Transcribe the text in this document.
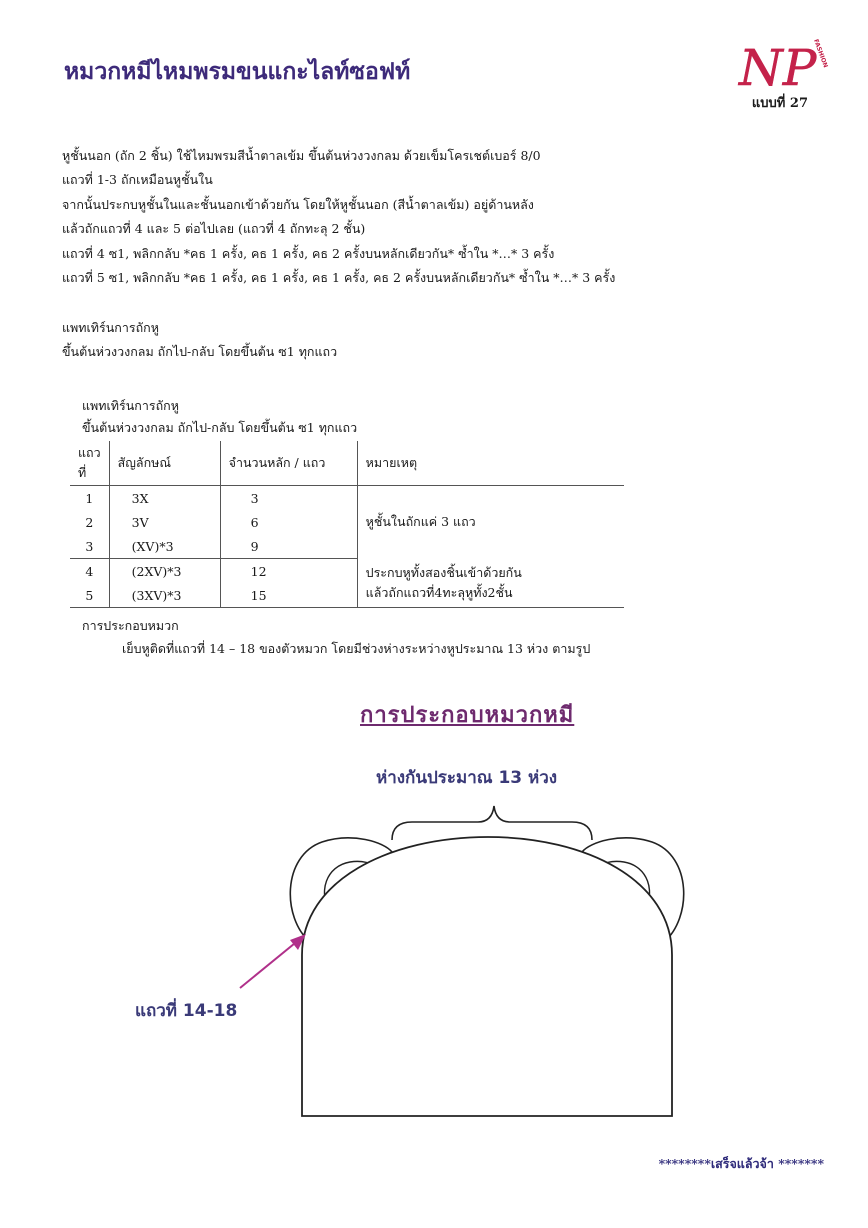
หมวกหมีไหมพรมขนแกะไลท์ซอฟท์	NP
FASHION
แบบที่ 27
หูชั้นนอก (ถัก 2 ชิ้น) ใช้ไหมพรมสีน้ำตาลเข้ม ขึ้นต้นห่วงวงกลม ด้วยเข็มโครเชต์เบอร์ 8/0
แถวที่ 1-3 ถักเหมือนหูชั้นใน
จากนั้นประกบหูชั้นในและชั้นนอกเข้าด้วยกัน โดยให้หูชั้นนอก (สีน้ำตาลเข้ม) อยู่ด้านหลัง
แล้วถักแถวที่ 4 และ 5 ต่อไปเลย (แถวที่ 4 ถักทะลุ 2 ชั้น)
แถวที่ 4 ซ1, พลิกกลับ *คธ 1 ครั้ง, คธ 1 ครั้ง, คธ 2 ครั้งบนหลักเดียวกัน* ซ้ำใน *…* 3 ครั้ง
แถวที่ 5 ซ1, พลิกกลับ *คธ 1 ครั้ง, คธ 1 ครั้ง, คธ 1 ครั้ง, คธ 2 ครั้งบนหลักเดียวกัน* ซ้ำใน *…* 3 ครั้ง
แพทเทิร์นการถักหู
ขึ้นต้นห่วงวงกลม ถักไป-กลับ โดยขึ้นต้น ซ1 ทุกแถว
แพทเทิร์นการถักหู
ขึ้นต้นห่วงวงกลม ถักไป-กลับ โดยขึ้นต้น ซ1 ทุกแถว
แถวที่	สัญลักษณ์	จำนวนหลัก / แถว	หมายเหตุ
1	3X	3	หูชั้นในถักแค่ 3 แถว
2	3V	6	
3	(XV)*3	9	
4	(2XV)*3	12	ประกบหูทั้งสองชิ้นเข้าด้วยกัน
แล้วถักแถวที่4ทะลุหูทั้ง2ชั้น

5	(3XV)*3	15	
การประกอบหมวก
เย็บหูติดที่แถวที่ 14 – 18 ของตัวหมวก โดยมีช่วงห่างระหว่างหูประมาณ 13 ห่วง ตามรูป
การประกอบหมวกหมี
ห่างกันประมาณ 13 ห่วง
แถวที่ 14-18
********เสร็จแล้วจ้า *******
